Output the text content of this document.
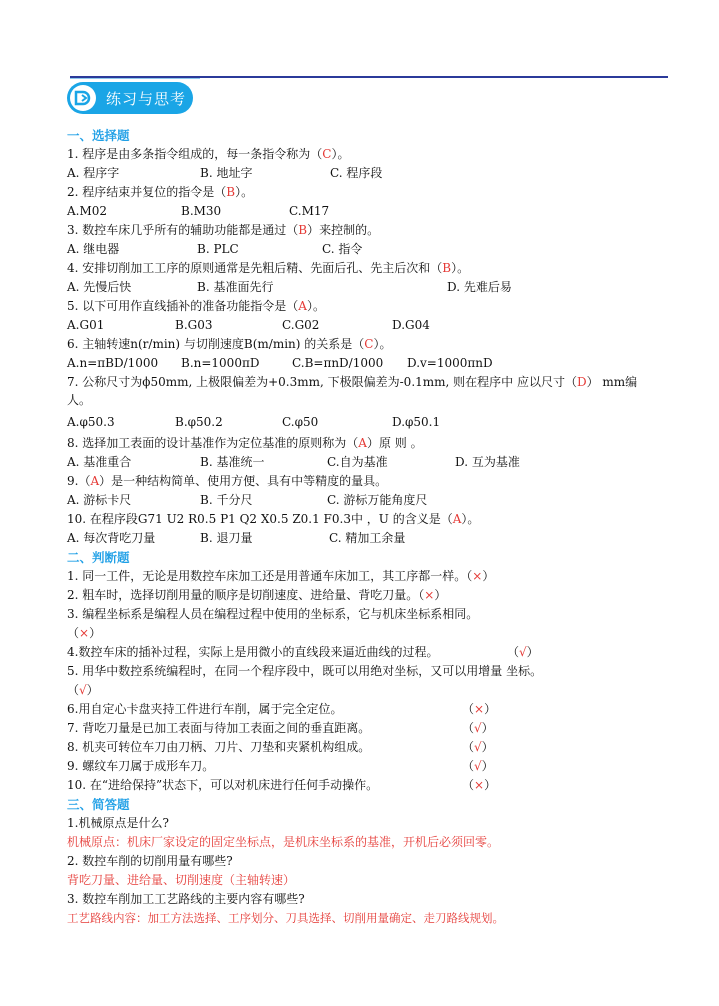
练习与思考
一、选择题
1. 程序是由多条指令组成的，每一条指令称为（C）。
A. 程序字	B. 地址字	C. 程序段
2. 程序结束并复位的指令是（B）。
A.M02	B.M30	C.M17
3. 数控车床几乎所有的辅助功能都是通过（B）来控制的。
A. 继电器	B. PLC	C. 指令
4. 安排切削加工工序的原则通常是先粗后精、先面后孔、先主后次和（B）。
A. 先慢后快	B. 基准面先行	D. 先难后易
5. 以下可用作直线插补的准备功能指令是（A）。
A.G01	B.G03	C.G02	D.G04
6. 主轴转速n(r/min) 与切削速度B(m/min) 的关系是（C）。
A.n=πBD/1000 B.n=1000πD	C.B=πnD/1000 D.v=1000πnD
7. 公称尺寸为ϕ50mm, 上极限偏差为+0.3mm, 下极限偏差为-0.1mm, 则在程序中 应以尺寸（D） mm编人。
A.φ50.3	B.φ50.2	C.φ50	D.φ50.1
8. 选择加工表面的设计基准作为定位基准的原则称为（A）原 则 。
A. 基准重合	B. 基准统一	C.自为基准	D. 互为基准
9.（A）是一种结构简单、使用方便、具有中等精度的量具。
A. 游标卡尺	B. 千分尺	C. 游标万能角度尺
10. 在程序段G71 U2 R0.5 P1 Q2 X0.5 Z0.1 F0.3中 ，U 的含义是（A）。
A. 每次背吃刀量	B. 退刀量	C. 精加工余量
二、判断题
1. 同一工件，无论是用数控车床加工还是用普通车床加工，其工序都一样。（×）
2. 粗车时，选择切削用量的顺序是切削速度、进给量、背吃刀量。（×）
3. 编程坐标系是编程人员在编程过程中使用的坐标系，它与机床坐标系相同。
（×）
4.数控车床的插补过程，实际上是用微小的直线段来逼近曲线的过程。	（√）
5. 用华中数控系统编程时，在同一个程序段中，既可以用绝对坐标，又可以用增量 坐标。
（√）
6.用自定心卡盘夹持工件进行车削，属于完全定位。	（×）
7. 背吃刀量是已加工表面与待加工表面之间的垂直距离。	（√）
8. 机夹可转位车刀由刀柄、刀片、刀垫和夹紧机构组成。	（√）
9. 螺纹车刀属于成形车刀。	（√）
10. 在“进给保持”状态下，可以对机床进行任何手动操作。	（×）
三、简答题
1.机械原点是什么?
机械原点：机床厂家设定的固定坐标点，是机床坐标系的基准，开机后必须回零。
2. 数控车削的切削用量有哪些?
背吃刀量、进给量、切削速度（主轴转速）
3. 数控车削加工工艺路线的主要内容有哪些?
工艺路线内容：加工方法选择、工序划分、刀具选择、切削用量确定、走刀路线规划。
